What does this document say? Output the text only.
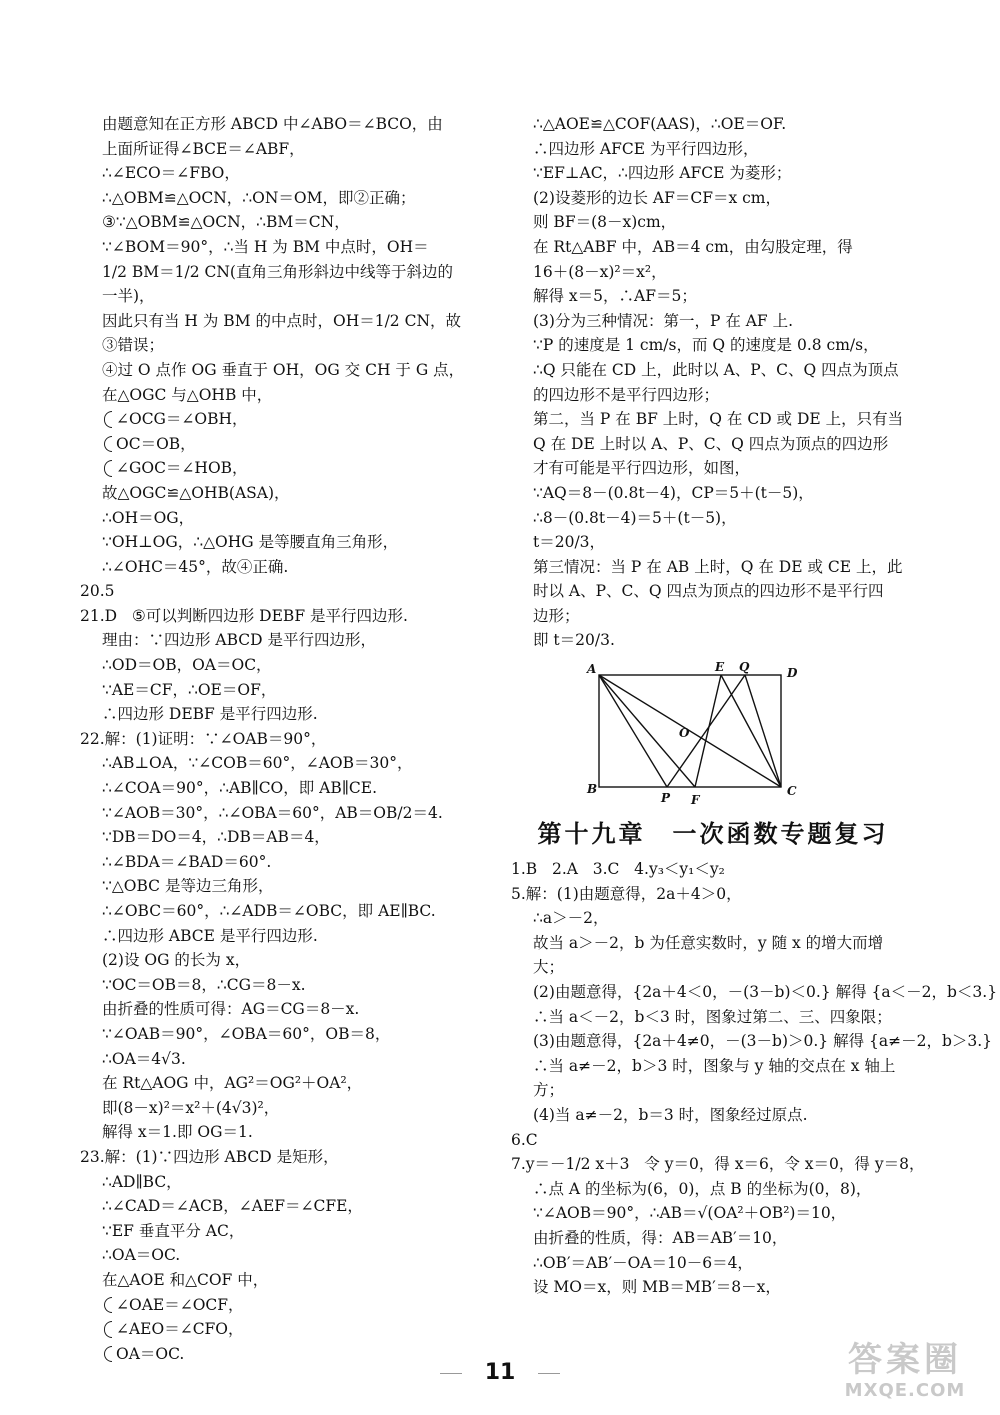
由题意知在正方形 ABCD 中∠ABO＝∠BCO，由
上面所证得∠BCE＝∠ABF，
∴∠ECO＝∠FBO，
∴△OBM≌△OCN，∴ON＝OM，即②正确；
③∵△OBM≌△OCN，∴BM＝CN，
∵∠BOM＝90°，∴当 H 为 BM 中点时，OH＝
1/2 BM＝1/2 CN(直角三角形斜边中线等于斜边的
一半)，
因此只有当 H 为 BM 的中点时，OH＝1/2 CN，故
③错误；
④过 O 点作 OG 垂直于 OH，OG 交 CH 于 G 点，
在△OGC 与△OHB 中，
∠OCG＝∠OBH，
OC＝OB，
∠GOC＝∠HOB，
故△OGC≌△OHB(ASA)，
∴OH＝OG，
∵OH⊥OG，∴△OHG 是等腰直角三角形，
∴∠OHC＝45°，故④正确.
20.5
21.D   ⑤可以判断四边形 DEBF 是平行四边形.
理由：∵四边形 ABCD 是平行四边形，
∴OD＝OB，OA＝OC，
∵AE＝CF，∴OE＝OF，
∴四边形 DEBF 是平行四边形.
22.解：(1)证明：∵∠OAB＝90°，
∴AB⊥OA，∵∠COB＝60°，∠AOB＝30°，
∴∠COA＝90°，∴AB∥CO，即 AB∥CE.
∵∠AOB＝30°，∴∠OBA＝60°，AB＝OB/2＝4.
∵DB＝DO＝4，∴DB＝AB＝4，
∴∠BDA＝∠BAD＝60°.
∵△OBC 是等边三角形，
∴∠OBC＝60°，∴∠ADB＝∠OBC，即 AE∥BC.
∴四边形 ABCE 是平行四边形.
(2)设 OG 的长为 x，
∵OC＝OB＝8，∴CG＝8－x.
由折叠的性质可得：AG＝CG＝8－x.
∵∠OAB＝90°，∠OBA＝60°，OB＝8，
∴OA＝4√3.
在 Rt△AOG 中，AG²＝OG²＋OA²，
即(8－x)²＝x²＋(4√3)²，
解得 x＝1.即 OG＝1.
23.解：(1)∵四边形 ABCD 是矩形，
∴AD∥BC，
∴∠CAD＝∠ACB，∠AEF＝∠CFE，
∵EF 垂直平分 AC，
∴OA＝OC.
在△AOE 和△COF 中，
∠OAE＝∠OCF，
∠AEO＝∠CFO，
OA＝OC.
∴△AOE≌△COF(AAS)，∴OE＝OF.
∴四边形 AFCE 为平行四边形，
∵EF⊥AC，∴四边形 AFCE 为菱形；
(2)设菱形的边长 AF＝CF＝x cm，
则 BF＝(8－x)cm，
在 Rt△ABF 中，AB＝4 cm，由勾股定理，得
16＋(8－x)²＝x²，
解得 x＝5，∴AF＝5；
(3)分为三种情况：第一，P 在 AF 上.
∵P 的速度是 1 cm/s，而 Q 的速度是 0.8 cm/s，
∴Q 只能在 CD 上，此时以 A、P、C、Q 四点为顶点
的四边形不是平行四边形；
第二，当 P 在 BF 上时，Q 在 CD 或 DE 上，只有当
Q 在 DE 上时以 A、P、C、Q 四点为顶点的四边形
才有可能是平行四边形，如图，
∵AQ＝8－(0.8t－4)，CP＝5＋(t－5)，
∴8－(0.8t－4)＝5＋(t－5)，
t＝20/3，
第三情况：当 P 在 AB 上时，Q 在 DE 或 CE 上，此
时以 A、P、C、Q 四点为顶点的四边形不是平行四
边形；
即 t＝20/3.
A	E Q	D
O
B
P F
C
第十九章　一次函数专题复习
1.B   2.A   3.C   4.y₃＜y₁＜y₂
5.解：(1)由题意得，2a＋4＞0，
∴a＞－2，
故当 a＞－2，b 为任意实数时，y 随 x 的增大而增
大；
(2)由题意得，{2a＋4＜0，－(3－b)＜0.} 解得 {a＜－2，b＜3.}
∴当 a＜－2，b＜3 时，图象过第二、三、四象限；
(3)由题意得，{2a＋4≠0，－(3－b)＞0.} 解得 {a≠－2，b＞3.}
∴当 a≠－2，b＞3 时，图象与 y 轴的交点在 x 轴上
方；
(4)当 a≠－2，b＝3 时，图象经过原点.
6.C
7.y＝－1/2 x＋3   令 y＝0，得 x＝6，令 x＝0，得 y＝8，
∴点 A 的坐标为(6，0)，点 B 的坐标为(0，8)，
∵∠AOB＝90°，∴AB＝√(OA²＋OB²)＝10，
由折叠的性质，得：AB＝AB′＝10，
∴OB′＝AB′－OA＝10－6＝4，
设 MO＝x，则 MB＝MB′＝8－x，
11	答案圈
MXQE.COM
